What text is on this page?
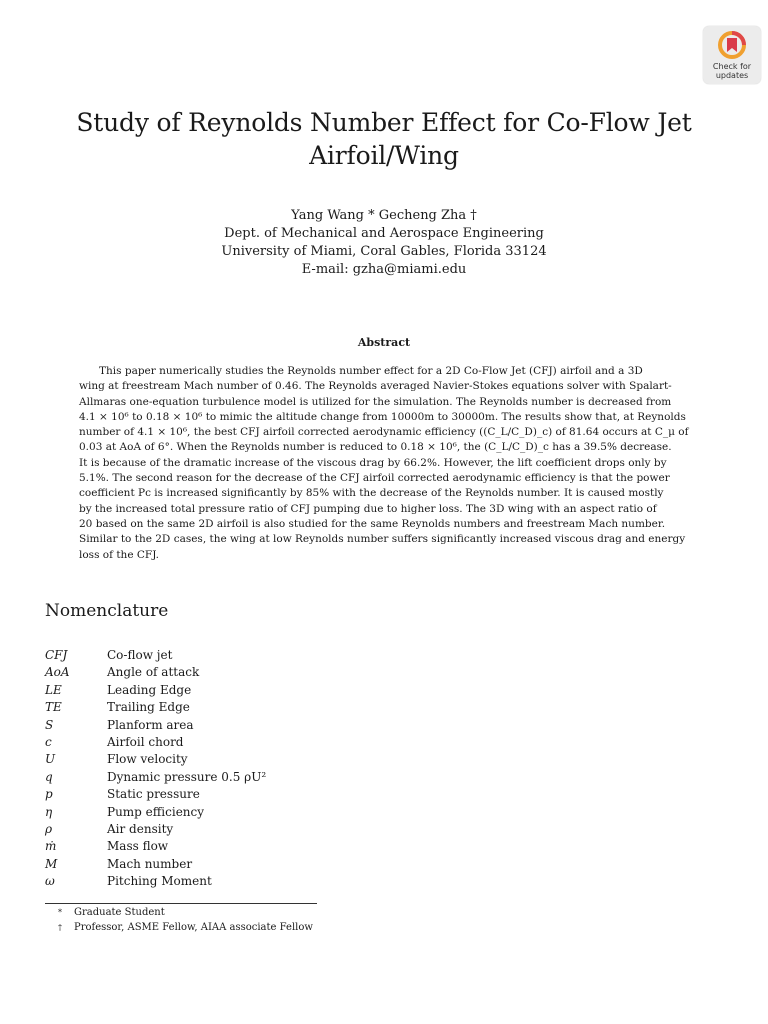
Check for
updates
Study of Reynolds Number Effect for Co-Flow Jet
Airfoil/Wing
Yang Wang * Gecheng Zha †
Dept. of Mechanical and Aerospace Engineering
University of Miami, Coral Gables, Florida 33124
E-mail: gzha@miami.edu
Abstract
This paper numerically studies the Reynolds number effect for a 2D Co-Flow Jet (CFJ) airfoil and a 3D
wing at freestream Mach number of 0.46. The Reynolds averaged Navier-Stokes equations solver with Spalart-
Allmaras one-equation turbulence model is utilized for the simulation. The Reynolds number is decreased from
4.1 × 10⁶ to 0.18 × 10⁶ to mimic the altitude change from 10000m to 30000m. The results show that, at Reynolds
number of 4.1 × 10⁶, the best CFJ airfoil corrected aerodynamic efficiency ((C_L/C_D)_c) of 81.64 occurs at C_μ of
0.03 at AoA of 6°. When the Reynolds number is reduced to 0.18 × 10⁶, the (C_L/C_D)_c has a 39.5% decrease.
It is because of the dramatic increase of the viscous drag by 66.2%. However, the lift coefficient drops only by
5.1%. The second reason for the decrease of the CFJ airfoil corrected aerodynamic efficiency is that the power
coefficient Pc is increased significantly by 85% with the decrease of the Reynolds number. It is caused mostly
by the increased total pressure ratio of CFJ pumping due to higher loss. The 3D wing with an aspect ratio of
20 based on the same 2D airfoil is also studied for the same Reynolds numbers and freestream Mach number.
Similar to the 2D cases, the wing at low Reynolds number suffers significantly increased viscous drag and energy
loss of the CFJ.
Nomenclature
CFJ	Co-flow jet
AoA	Angle of attack
LE	Leading Edge
TE	Trailing Edge
S	Planform area
c	Airfoil chord
U	Flow velocity
q	Dynamic pressure 0.5 ρU²
p	Static pressure
η	Pump efficiency
ρ	Air density
ṁ	Mass flow
M	Mach number
ω	Pitching Moment
*	Graduate Student
†	Professor, ASME Fellow, AIAA associate Fellow
